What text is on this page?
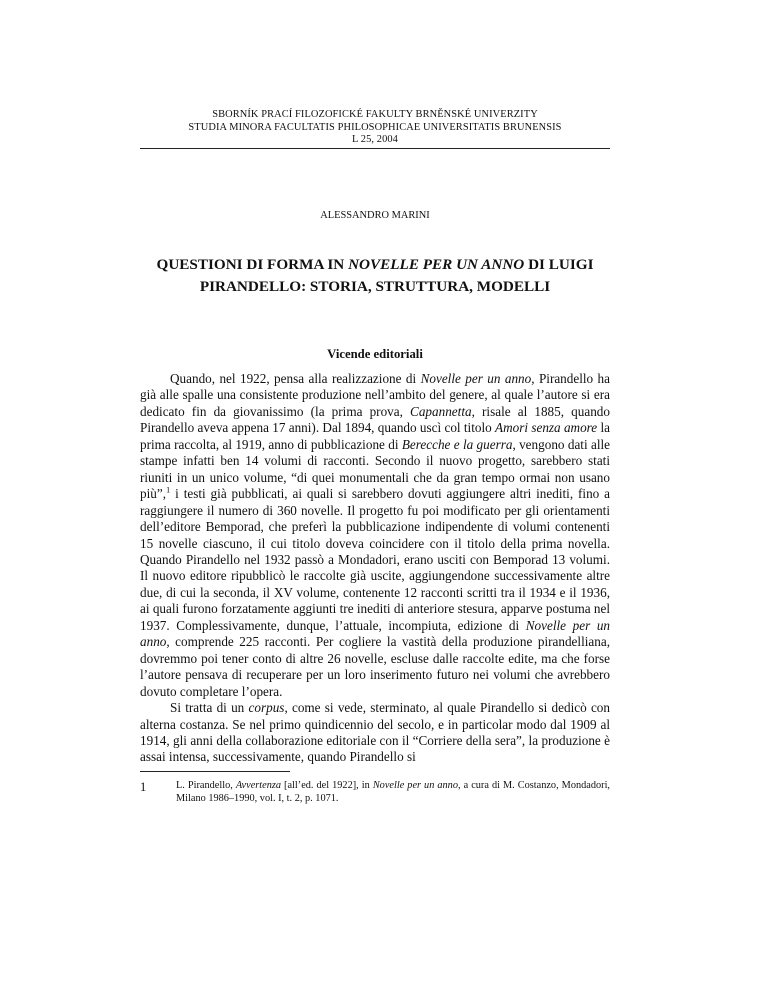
SBORNÍK PRACÍ FILOZOFICKÉ FAKULTY BRNĚNSKÉ UNIVERZITY
STUDIA MINORA FACULTATIS PHILOSOPHICAE UNIVERSITATIS BRUNENSIS
L 25, 2004
ALESSANDRO MARINI
QUESTIONI DI FORMA IN NOVELLE PER UN ANNO DI LUIGI PIRANDELLO: STORIA, STRUTTURA, MODELLI
Vicende editoriali

Quando, nel 1922, pensa alla realizzazione di Novelle per un anno, Pirandello ha già alle spalle una consistente produzione nell’ambito del genere, al quale l’autore si era dedicato fin da giovanissimo (la prima prova, Capannetta, risale al 1885, quando Pirandello aveva appena 17 anni). Dal 1894, quando uscì col titolo Amori senza amore la prima raccolta, al 1919, anno di pubblicazione di Berecche e la guerra, vengono dati alle stampe infatti ben 14 volumi di racconti. Secondo il nuovo progetto, sarebbero stati riuniti in un unico volume, “di quei monumentali che da gran tempo ormai non usano più”,$^1$ i testi già pubblicati, ai quali si sarebbero dovuti aggiungere altri inediti, fino a raggiungere il numero di 360 novelle. Il progetto fu poi modificato per gli orientamenti dell’editore Bemporad, che preferì la pubblicazione indipendente di volumi contenenti 15 novelle ciascuno, il cui titolo doveva coincidere con il titolo della prima novella. Quando Pirandello nel 1932 passò a Mondadori, erano usciti con Bemporad 13 volumi. Il nuovo editore ripubblicò le raccolte già uscite, aggiungendone successivamente altre due, di cui la seconda, il XV volume, contenente 12 racconti scritti tra il 1934 e il 1936, ai quali furono forzatamente aggiunti tre inediti di anteriore stesura, apparve postuma nel 1937. Complessivamente, dunque, l’attuale, incompiuta, edizione di Novelle per un anno, comprende 225 racconti. Per cogliere la vastità della produzione pirandelliana, dovremmo poi tener conto di altre 26 novelle, escluse dalle raccolte edite, ma che forse l’autore pensava di recuperare per un loro inserimento futuro nei volumi che avrebbero dovuto completare l’opera.

Si tratta di un corpus, come si vede, sterminato, al quale Pirandello si dedicò con alterna costanza. Se nel primo quindicennio del secolo, e in particolar modo dal 1909 al 1914, gli anni della collaborazione editoriale con il “Corriere della sera”, la produzione è assai intensa, successivamente, quando Pirandello si

1	L. Pirandello, Avvertenza [all’ed. del 1922], in Novelle per un anno, a cura di M. Costanzo, Mondadori, Milano 1986–1990, vol. I, t. 2, p. 1071.
